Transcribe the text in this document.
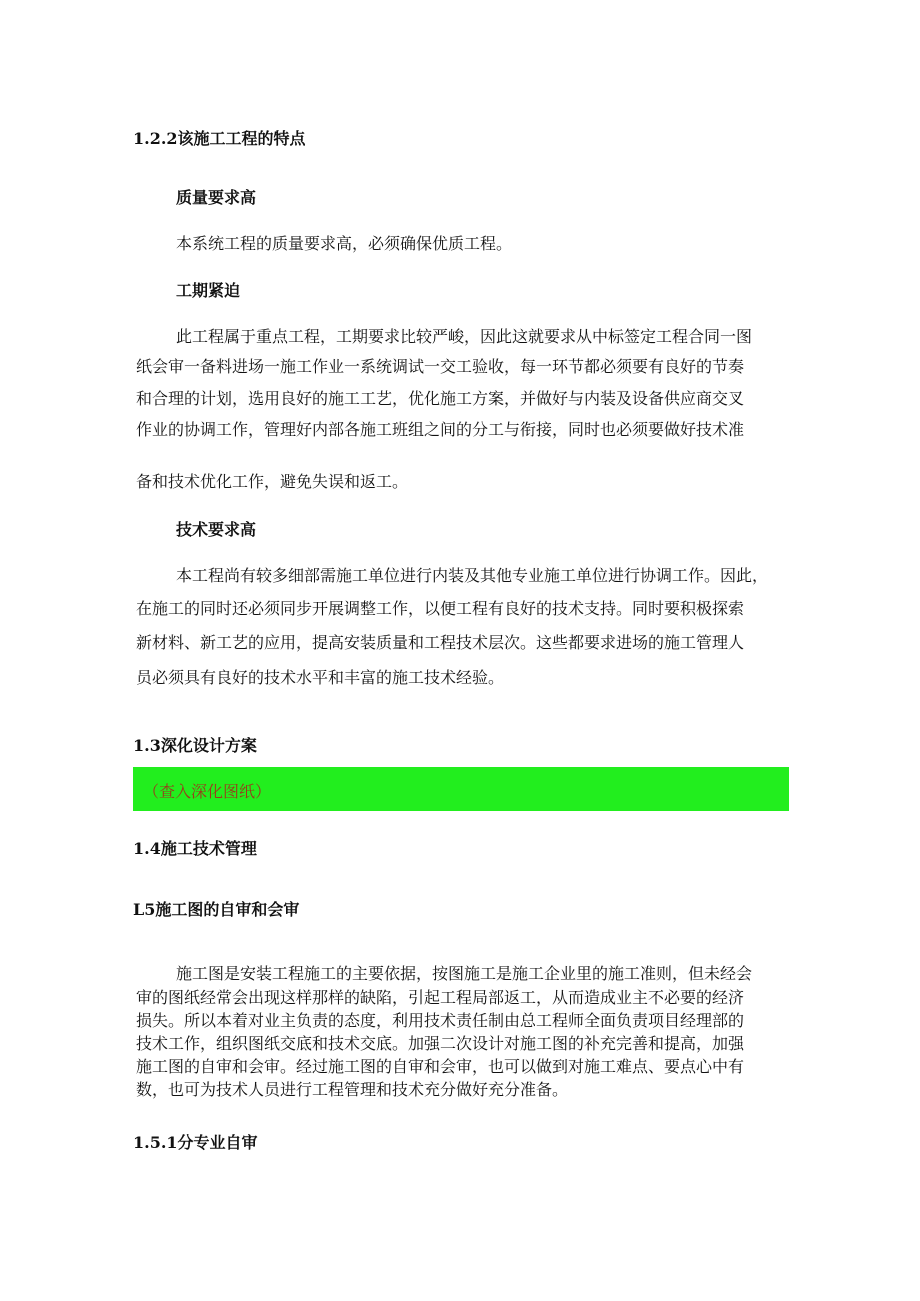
1.2.2该施工工程的特点
质量要求高
本系统工程的质量要求高，必须确保优质工程。
工期紧迫
此工程属于重点工程，工期要求比较严峻，因此这就要求从中标签定工程合同一图
纸会审一备料进场一施工作业一系统调试一交工验收，每一环节都必须要有良好的节奏
和合理的计划，选用良好的施工工艺，优化施工方案，并做好与内装及设备供应商交叉
作业的协调工作，管理好内部各施工班组之间的分工与衔接，同时也必须要做好技术准
备和技术优化工作，避免失误和返工。
技术要求高
本工程尚有较多细部需施工单位进行内装及其他专业施工单位进行协调工作。因此，
在施工的同时还必须同步开展调整工作，以便工程有良好的技术支持。同时要积极探索
新材料、新工艺的应用，提高安装质量和工程技术层次。这些都要求进场的施工管理人
员必须具有良好的技术水平和丰富的施工技术经验。
1.3深化设计方案
（查入深化图纸）
1.4施工技术管理
L5施工图的自审和会审
施工图是安装工程施工的主要依据，按图施工是施工企业里的施工准则，但未经会
审的图纸经常会出现这样那样的缺陷，引起工程局部返工，从而造成业主不必要的经济
损失。所以本着对业主负责的态度，利用技术责任制由总工程师全面负责项目经理部的
技术工作，组织图纸交底和技术交底。加强二次设计对施工图的补充完善和提高，加强
施工图的自审和会审。经过施工图的自审和会审，也可以做到对施工难点、要点心中有
数，也可为技术人员进行工程管理和技术充分做好充分准备。
1.5.1分专业自审
